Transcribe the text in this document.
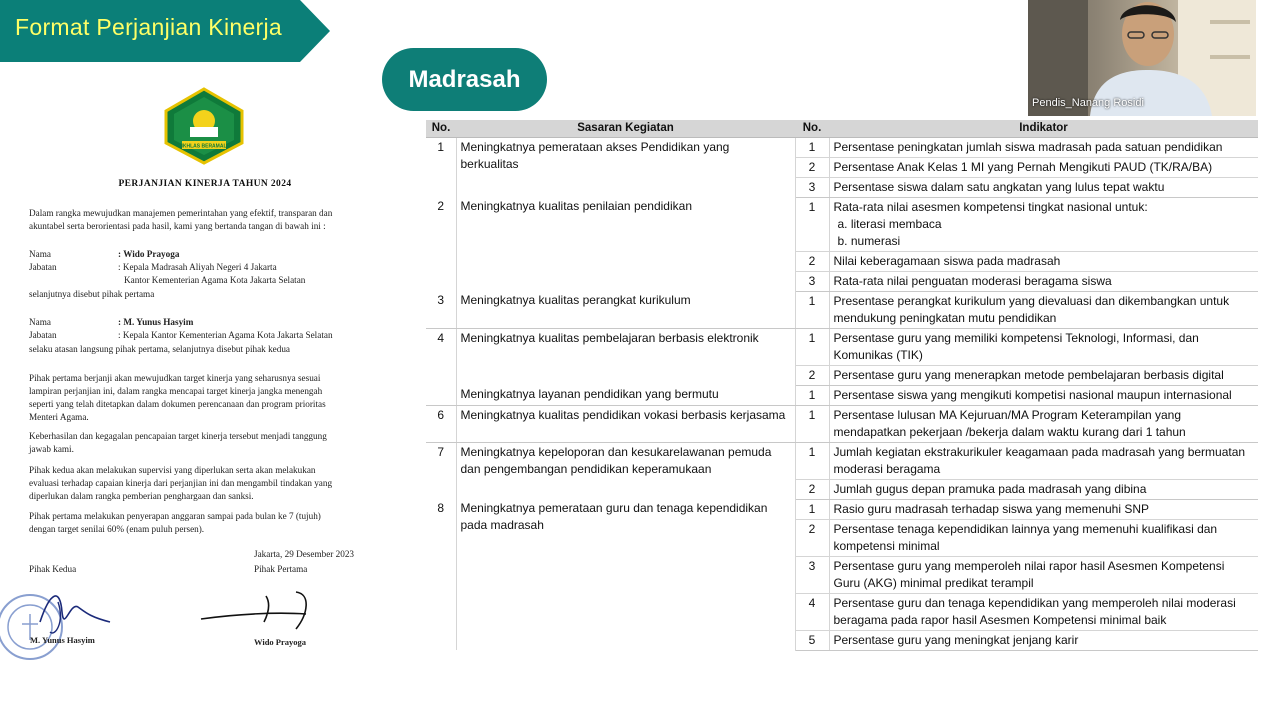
Format Perjanjian Kinerja
Madrasah
IKHLAS BERAMAL
PERJANJIAN KINERJA TAHUN 2024
Dalam rangka mewujudkan manajemen pemerintahan yang efektif, transparan dan
akuntabel serta berorientasi pada hasil, kami yang bertanda tangan di bawah ini :
Nama	: Wido Prayoga
Jabatan	: Kepala Madrasah Aliyah Negeri 4 Jakarta
Kantor Kementerian Agama Kota Jakarta Selatan
selanjutnya disebut pihak pertama
Nama	: M. Yunus Hasyim
Jabatan	: Kepala Kantor Kementerian Agama Kota Jakarta Selatan
selaku atasan langsung pihak pertama, selanjutnya disebut pihak kedua
Pihak pertama berjanji akan mewujudkan target kinerja yang seharusnya sesuai
lampiran perjanjian ini, dalam rangka mencapai target kinerja jangka menengah
seperti yang telah ditetapkan dalam dokumen perencanaan dan program prioritas
Menteri Agama.
Keberhasilan dan kegagalan pencapaian target kinerja tersebut menjadi tanggung
jawab kami.
Pihak kedua akan melakukan supervisi yang diperlukan serta akan melakukan
evaluasi terhadap capaian kinerja dari perjanjian ini dan mengambil tindakan yang
diperlukan dalam rangka pemberian penghargaan dan sanksi.
Pihak pertama melakukan penyerapan anggaran sampai pada bulan ke 7 (tujuh)
dengan target senilai 60% (enam puluh persen).
Jakarta, 29 Desember 2023
Pihak Kedua	Pihak Pertama
M. Yunus Hasyim	Wido Prayoga
No.	Sasaran Kegiatan	No.	Indikator
1	Meningkatnya pemerataan akses Pendidikan yang berkualitas	1	Persentase peningkatan jumlah siswa madrasah pada satuan pendidikan
		2	Persentase Anak Kelas 1 MI yang Pernah Mengikuti PAUD (TK/RA/BA)
		3	Persentase siswa dalam satu angkatan yang lulus tepat waktu
2	Meningkatnya kualitas penilaian pendidikan	1	Rata-rata nilai asesmen kompetensi tingkat nasional untuk:
a. literasi membaca
b. numerasi

		2	Nilai keberagamaan siswa pada madrasah
		3	Rata-rata nilai penguatan moderasi beragama siswa
3	Meningkatnya kualitas perangkat kurikulum	1	Presentase perangkat kurikulum yang dievaluasi dan dikembangkan untuk mendukung peningkatan mutu pendidikan
4	Meningkatnya kualitas pembelajaran berbasis elektronik	1	Persentase guru yang memiliki kompetensi Teknologi, Informasi, dan Komunikas (TIK)
		2	Persentase guru yang menerapkan metode pembelajaran berbasis digital
	Meningkatnya layanan pendidikan yang bermutu	1	Persentase siswa yang mengikuti kompetisi nasional maupun internasional
6	Meningkatnya kualitas pendidikan vokasi berbasis kerjasama	1	Persentase lulusan MA Kejuruan/MA Program Keterampilan yang mendapatkan pekerjaan /bekerja dalam waktu kurang dari 1 tahun
7	Meningkatnya kepeloporan dan kesukarelawanan pemuda dan pengembangan pendidikan keperamukaan	1	Jumlah kegiatan ekstrakurikuler keagamaan pada madrasah yang bermuatan moderasi beragama
		2	Jumlah gugus depan pramuka pada madrasah yang dibina
8	Meningkatnya pemerataan guru dan tenaga kependidikan pada madrasah	1	Rasio guru madrasah terhadap siswa yang memenuhi SNP
		2	Persentase tenaga kependidikan lainnya yang memenuhi kualifikasi dan kompetensi minimal
		3	Persentase guru yang memperoleh nilai rapor hasil Asesmen Kompetensi Guru (AKG) minimal predikat terampil
		4	Persentase guru dan tenaga kependidikan yang memperoleh nilai moderasi beragama pada rapor hasil Asesmen Kompetensi minimal baik
		5	Persentase guru yang meningkat jenjang karir
Pendis_Nanang Rosidi
